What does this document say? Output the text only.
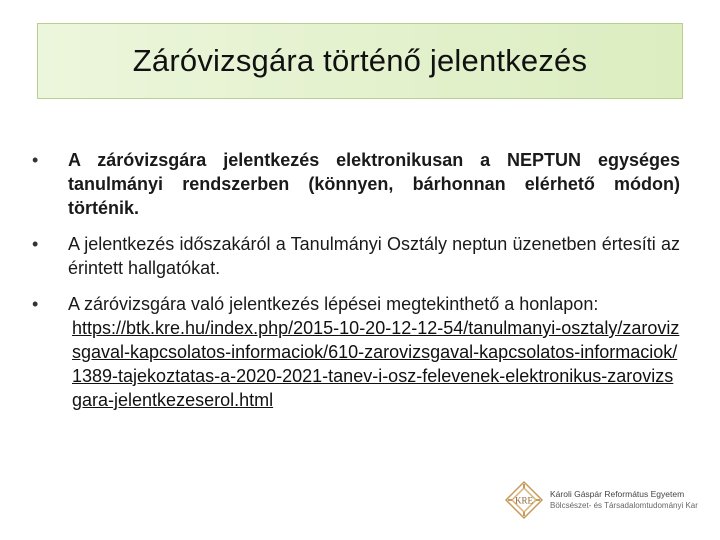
Záróvizsgára történő jelentkezés
• A záróvizsgára jelentkezés elektronikusan a NEPTUN egységes tanulmányi rendszerben (könnyen, bárhonnan elérhető módon) történik.
• A jelentkezés időszakáról a Tanulmányi Osztály neptun üzenetben értesíti az érintett hallgatókat.
• A záróvizsgára való jelentkezés lépései megtekinthető a honlapon:
https://btk.kre.hu/index.php/2015-10-20-12-12-54/tanulmanyi-osztaly/zarovizsgaval-kapcsolatos-informaciok/610-zarovizsgaval-kapcsolatos-informaciok/1389-tajekoztatas-a-2020-2021-tanev-i-osz-felevenek-elektronikus-zarovizsgara-jelentkezeserol.html
KRE
Károli Gáspár Református Egyetem
Bölcsészet- és Társadalomtudományi Kar
